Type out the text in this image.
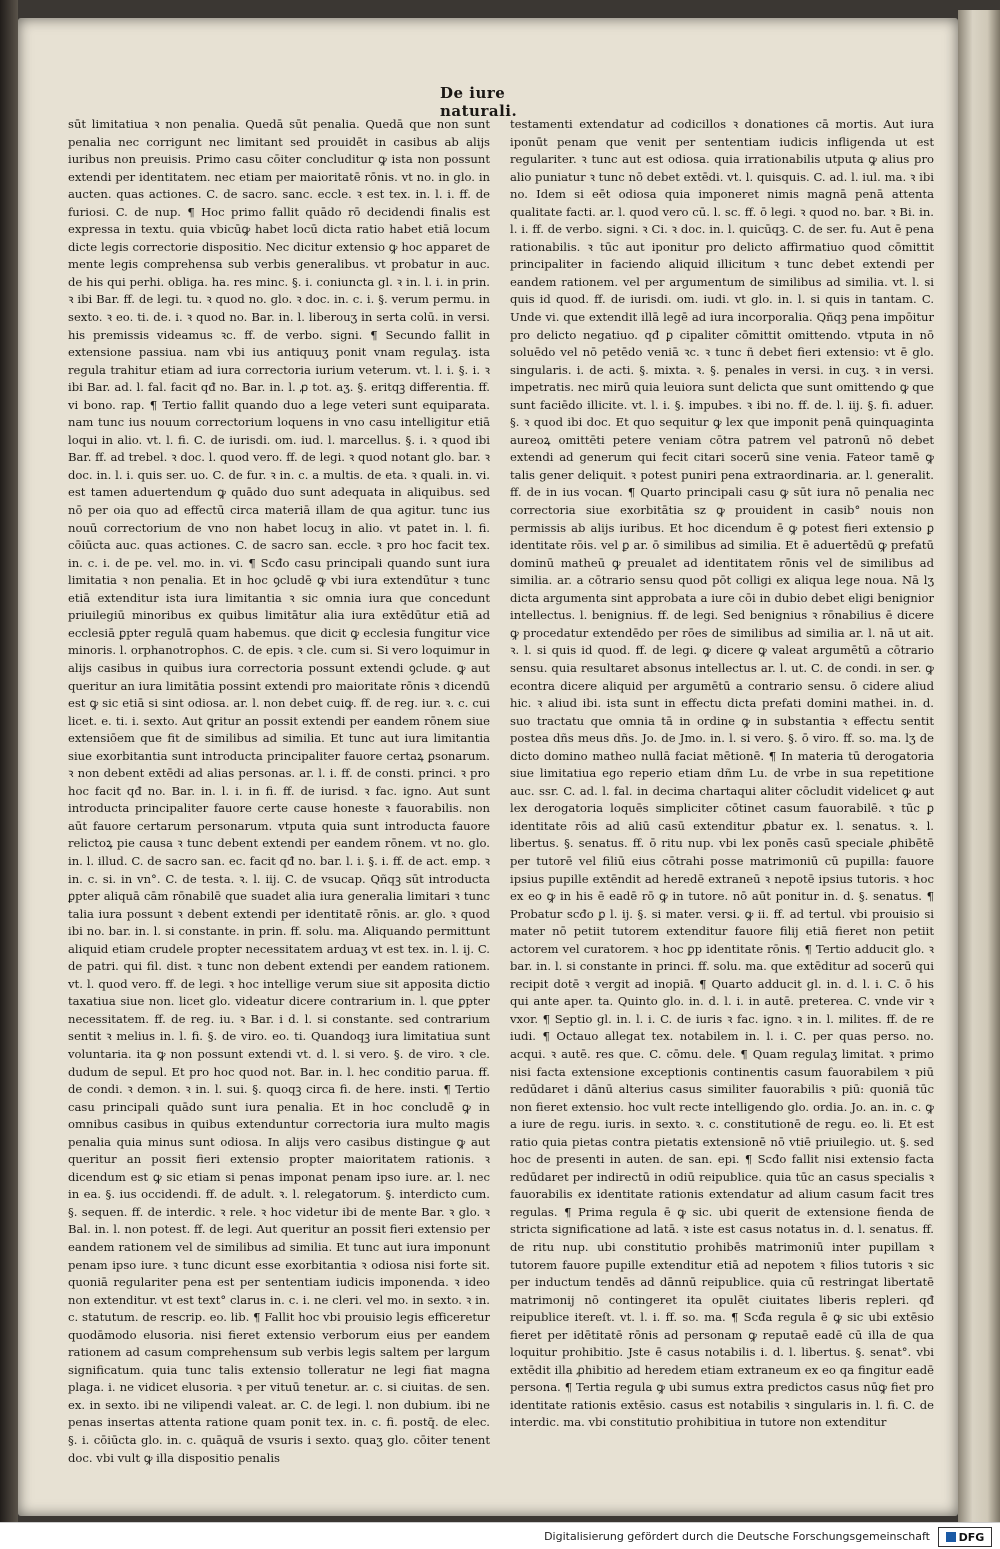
De iure naturali.

sūt limitatiua ꝛ non penalia. Quedā sūt penalia. Quedā que non sunt penalia nec corrigunt nec limitant sed prouidēt in casibus ab alijs iuribus non preuisis. Primo casu cōiter concluditur ꝙ ista non possunt extendi per identitatem. nec etiam per maioritatē rōnis. vt no. in glo. in aucten. quas actiones. C. de sacro. sanc. eccle. ꝛ est tex. in. l. i. ff. de furiosi. C. de nup. ¶ Hoc primo fallit quādo rō decidendi finalis est expressa in textu. quia vbicūꝙ habet locū dicta ratio habet etiā locum dicte legis correctorie dispositio. Nec dicitur extensio ꝙ hoc apparet de mente legis comprehensa sub verbis generalibus. vt probatur in auc. de his qui perhi. obliga. ha. res minc. §. i. coniuncta gl. ꝛ in. l. i. in prin. ꝛ ibi Bar. ff. de legi. tu. ꝛ quod no. glo. ꝛ doc. in. c. i. §. verum permu. in sexto. ꝛ eo. ti. de. i. ꝛ quod no. Bar. in. l. liberouʒ in serta colū. in versi. his premissis videamus ꝛc. ff. de verbo. signi. ¶ Secundo fallit in extensione passiua. nam vbi ius antiquuʒ ponit vnam regulaʒ. ista regula trahitur etiam ad iura correctoria iurium veterum. vt. l. i. §. i. ꝛ ibi Bar. ad. l. fal. facit qđ no. Bar. in. l. ꝓ tot. aʒ. §. eritqꝫ differentia. ff. vi bono. rap. ¶ Tertio fallit quando duo a lege veteri sunt equiparata. nam tunc ius nouum correctorium loquens in vno casu intelligitur etiā loqui in alio. vt. l. fi. C. de iurisdi. om. iud. l. marcellus. §. i. ꝛ quod ibi Bar. ff. ad trebel. ꝛ doc. l. quod vero. ff. de legi. ꝛ quod notant glo. bar. ꝛ doc. in. l. i. quis ser. uo. C. de fur. ꝛ in. c. a multis. de eta. ꝛ quali. in. vi. est tamen aduertendum ꝙ quādo duo sunt adequata in aliquibus. sed nō per oia quo ad effectū circa materiā illam de qua agitur. tunc ius nouū correctorium de vno non habet locuʒ in alio. vt patet in. l. fi. cōiūcta auc. quas actiones. C. de sacro san. eccle. ꝛ pro hoc facit tex. in. c. i. de pe. vel. mo. in. vi. ¶ Scđo casu principali quando sunt iura limitatia ꝛ non penalia. Et in hoc ꝯcludē ꝙ vbi iura extendūtur ꝛ tunc etiā extenditur ista iura limitantia ꝛ sic omnia iura que concedunt priuilegiū minoribus ex quibus limitātur alia iura extēdūtur etiā ad ecclesiā ꝑpter regulā quam habemus. que dicit ꝙ ecclesia fungitur vice minoris. l. orphanotrophos. C. de epis. ꝛ cle. cum si. Si vero loquimur in alijs casibus in quibus iura correctoria possunt extendi ꝯclude. ꝙ aut queritur an iura limitātia possint extendi pro maioritate rōnis ꝛ dicendū est ꝙ sic etiā si sint odiosa. ar. l. non debet cuiꝙ. ff. de reg. iur. ꝛ. c. cui licet. e. ti. i. sexto. Aut ꝗritur an possit extendi per eandem rōnem siue extensiōem que fit de similibus ad similia. Et tunc aut iura limitantia siue exorbitantia sunt introducta principaliter fauore certaꝝ ꝑsonarum. ꝛ non debent extēdi ad alias personas. ar. l. i. ff. de consti. princi. ꝛ pro hoc facit qđ no. Bar. in. l. i. in fi. ff. de iurisd. ꝛ fac. igno. Aut sunt introducta principaliter fauore certe cause honeste ꝛ fauorabilis. non aūt fauore certarum personarum. vtputa quia sunt introducta fauore relictoꝝ pie causa ꝛ tunc debent extendi per eandem rōnem. vt no. glo. in. l. illud. C. de sacro san. ec. facit qđ no. bar. l. i. §. i. ff. de act. emp. ꝛ in. c. si. in vn°. C. de testa. ꝛ. l. iij. C. de vsucap. Qñqꝫ sūt introducta ꝑpter aliquā cām rōnabilē que suadet alia iura generalia limitari ꝛ tunc talia iura possunt ꝛ debent extendi per identitatē rōnis. ar. glo. ꝛ quod ibi no. bar. in. l. si constante. in prin. ff. solu. ma. Aliquando permittunt aliquid etiam crudele propter necessitatem arduaʒ vt est tex. in. l. ij. C. de patri. qui fil. dist. ꝛ tunc non debent extendi per eandem rationem. vt. l. quod vero. ff. de legi. ꝛ hoc intellige verum siue sit apposita dictio taxatiua siue non. licet glo. videatur dicere contrarium in. l. que ꝑpter necessitatem. ff. de reg. iu. ꝛ Bar. i d. l. si constante. sed contrarium sentit ꝛ melius in. l. fi. §. de viro. eo. ti. Quandoqꝫ iura limitatiua sunt voluntaria. ita ꝙ non possunt extendi vt. d. l. si vero. §. de viro. ꝛ cle. dudum de sepul. Et pro hoc quod not. Bar. in. l. hec conditio parua. ff. de condi. ꝛ demon. ꝛ in. l. sui. §. quoqꝫ circa fi. de here. insti. ¶ Tertio casu principali quādo sunt iura penalia. Et in hoc concludē ꝙ in omnibus casibus in quibus extenduntur correctoria iura multo magis penalia quia minus sunt odiosa. In alijs vero casibus distingue ꝙ aut queritur an possit fieri extensio propter maioritatem rationis. ꝛ dicendum est ꝙ sic etiam si penas imponat penam ipso iure. ar. l. nec in ea. §. ius occidendi. ff. de adult. ꝛ. l. relegatorum. §. interdicto cum. §. sequen. ff. de interdic. ꝛ rele. ꝛ hoc videtur ibi de mente Bar. ꝛ glo. ꝛ Bal. in. l. non potest. ff. de legi. Aut queritur an possit fieri extensio per eandem rationem vel de similibus ad similia. Et tunc aut iura imponunt penam ipso iure. ꝛ tunc dicunt esse exorbitantia ꝛ odiosa nisi forte sit. quoniā regulariter pena est per sententiam iudicis imponenda. ꝛ ideo non extenditur. vt est text° clarus in. c. i. ne cleri. vel mo. in sexto. ꝛ in. c. statutum. de rescrip. eo. lib. ¶ Fallit hoc vbi prouisio legis efficeretur quodāmodo elusoria. nisi fieret extensio verborum eius per eandem rationem ad casum comprehensum sub verbis legis saltem per largum significatum. quia tunc talis extensio tolleratur ne legi fiat magna plaga. i. ne vidicet elusoria. ꝛ per vituū tenetur. ar. c. si ciuitas. de sen. ex. in sexto. ibi ne vilipendi valeat. ar. C. de legi. l. non dubium. ibi ne penas insertas attenta ratione quam ponit tex. in. c. fi. postq̄. de elec. §. i. cōiūcta glo. in. c. quāquā de vsuris i sexto. quaʒ glo. cōiter tenent doc. vbi vult ꝙ illa dispositio penalis

testamenti extendatur ad codicillos ꝛ donationes cā mortis. Aut iura iponūt penam que venit per sententiam iudicis infligenda ut est regulariter. ꝛ tunc aut est odiosa. quia irrationabilis utputa ꝙ alius pro alio puniatur ꝛ tunc nō debet extēdi. vt. l. quisquis. C. ad. l. iul. ma. ꝛ ibi no. Idem si eēt odiosa quia imponeret nimis magnā penā attenta qualitate facti. ar. l. quod vero cū. l. sc. ff. ō legi. ꝛ quod no. bar. ꝛ Bi. in. l. i. ff. de verbo. signi. ꝛ Ci. ꝛ doc. in. l. quicūqꝫ. C. de ser. fu. Aut ē pena rationabilis. ꝛ tūc aut iponitur pro delicto affirmatiuo quod cōmittit principaliter in faciendo aliquid illicitum ꝛ tunc debet extendi per eandem rationem. vel per argumentum de similibus ad similia. vt. l. si quis id quod. ff. de iurisdi. om. iudi. vt glo. in. l. si quis in tantam. C. Unde vi. que extendit illā legē ad iura incorporalia. Qñqꝫ pena impōitur pro delicto negatiuo. qđ ꝑ cipaliter cōmittit omittendo. vtputa in nō soluēdo vel nō petēdo veniā ꝛc. ꝛ tunc ñ debet fieri extensio: vt ē glo. singularis. i. de acti. §. mixta. ꝛ. §. penales in versi. in cuʒ. ꝛ in versi. impetratis. nec mirū quia leuiora sunt delicta que sunt omittendo ꝙ que sunt faciēdo illicite. vt. l. i. §. impubes. ꝛ ibi no. ff. de. l. iij. §. fi. aduer. §. ꝛ quod ibi doc. Et quo sequitur ꝙ lex que imponit penā quinquaginta aureoꝝ omittēti petere veniam cōtra patrem vel patronū nō debet extendi ad generum qui fecit citari socerū sine venia. Fateor tamē ꝙ talis gener deliquit. ꝛ potest puniri pena extraordinaria. ar. l. generalit. ff. de in ius vocan. ¶ Quarto principali casu ꝙ sūt iura nō penalia nec correctoria siue exorbitātia sz ꝙ prouident in casib° nouis non permissis ab alijs iuribus. Et hoc dicendum ē ꝙ potest fieri extensio ꝑ identitate rōis. vel ꝑ ar. ō similibus ad similia. Et ē aduertēdū ꝙ prefatū dominū matheū ꝙ preualet ad identitatem rōnis vel de similibus ad similia. ar. a cōtrario sensu quod pōt colligi ex aliqua lege noua. Nā lʒ dicta argumenta sint approbata a iure cōi in dubio debet eligi benignior intellectus. l. benignius. ff. de legi. Sed benignius ꝛ rōnabilius ē dicere ꝙ procedatur extendēdo per rōes de similibus ad similia ar. l. nā ut ait. ꝛ. l. si quis id quod. ff. de legi. ꝙ dicere ꝙ valeat argumētū a cōtrario sensu. quia resultaret absonus intellectus ar. l. ut. C. de condi. in ser. ꝙ econtra dicere aliquid per argumētū a contrario sensu. ō cidere aliud hic. ꝛ aliud ibi. ista sunt in effectu dicta prefati domini mathei. in. d. suo tractatu que omnia tā in ordine ꝙ in substantia ꝛ effectu sentit postea dñs meus dñs. Jo. de Jmo. in. l. si vero. §. ō viro. ff. so. ma. lʒ de dicto domino matheo nullā faciat mētionē. ¶ In materia tū derogatoria siue limitatiua ego reperio etiam dñm Lu. de vrbe in sua repetitione auc. ssr. C. ad. l. fal. in decima chartaqui aliter cōcludit videlicet ꝙ aut lex derogatoria loquēs simpliciter cōtinet casum fauorabilē. ꝛ tūc ꝑ identitate rōis ad aliū casū extenditur ꝓbatur ex. l. senatus. ꝛ. l. libertus. §. senatus. ff. ō ritu nup. vbi lex ponēs casū speciale ꝓhibētē per tutorē vel filiū eius cōtrahi posse matrimoniū cū pupilla: fauore ipsius pupille extēndit ad heredē extraneū ꝛ nepotē ipsius tutoris. ꝛ hoc ex eo ꝙ in his ē eadē rō ꝙ in tutore. nō aūt ponitur in. d. §. senatus. ¶ Probatur scđo ꝑ l. ij. §. si mater. versi. ꝙ ii. ff. ad tertul. vbi prouisio si mater nō petiit tutorem extenditur fauore filij etiā fieret non petiit actorem vel curatorem. ꝛ hoc ꝑp identitate rōnis. ¶ Tertio adducit glo. ꝛ bar. in. l. si constante in princi. ff. solu. ma. que extēditur ad socerū qui recipit dotē ꝛ vergit ad inopiā. ¶ Quarto adducit gl. in. d. l. i. C. ō his qui ante aper. ta. Quinto glo. in. d. l. i. in autē. preterea. C. vnde vir ꝛ vxor. ¶ Septio gl. in. l. i. C. de iuris ꝛ fac. igno. ꝛ in. l. milites. ff. de re iudi. ¶ Octauo allegat tex. notabilem in. l. i. C. per quas perso. no. acqui. ꝛ autē. res que. C. cōmu. dele. ¶ Quam regulaʒ limitat. ꝛ primo nisi facta extensione exceptionis continentis casum fauorabilem ꝛ piū redūdaret i dānū alterius casus similiter fauorabilis ꝛ piū: quoniā tūc non fieret extensio. hoc vult recte intelligendo glo. ordia. Jo. an. in. c. ꝙ a iure de regu. iuris. in sexto. ꝛ. c. constitutionē de regu. eo. li. Et est ratio quia pietas contra pietatis extensionē nō vtiē priuilegio. ut. §. sed hoc de presenti in auten. de san. epi. ¶ Scđo fallit nisi extensio facta redūdaret per indirectū in odiū reipublice. quia tūc an casus specialis ꝛ fauorabilis ex identitate rationis extendatur ad alium casum facit tres regulas. ¶ Prima regula ē ꝙ sic. ubi querit de extensione fienda de stricta significatione ad latā. ꝛ iste est casus notatus in. d. l. senatus. ff. de ritu nup. ubi constitutio prohibēs matrimoniū inter pupillam ꝛ tutorem fauore pupille extenditur etiā ad nepotem ꝛ filios tutoris ꝛ sic per inductum tendēs ad dānnū reipublice. quia cū restringat libertatē matrimonij nō contingeret ita opulēt ciuitates liberis repleri. qđ reipublice itereſt. vt. l. i. ff. so. ma. ¶ Scđa regula ē ꝙ sic ubi extēsio fieret per idētitatē rōnis ad personam ꝙ reputaē eadē cū illa de qua loquitur prohibitio. Jste ē casus notabilis i. d. l. libertus. §. senat°. vbi extēdit illa ꝓhibitio ad heredem etiam extraneum ex eo qa fingitur eadē persona. ¶ Tertia regula ꝙ ubi sumus extra predictos casus nūꝙ fiet pro identitate rationis extēsio. casus est notabilis ꝛ singularis in. l. fi. C. de interdic. ma. vbi constitutio prohibitiua in tutore non extenditur

Digitalisierung gefördert durch die Deutsche Forschungsgemeinschaft	DFG
